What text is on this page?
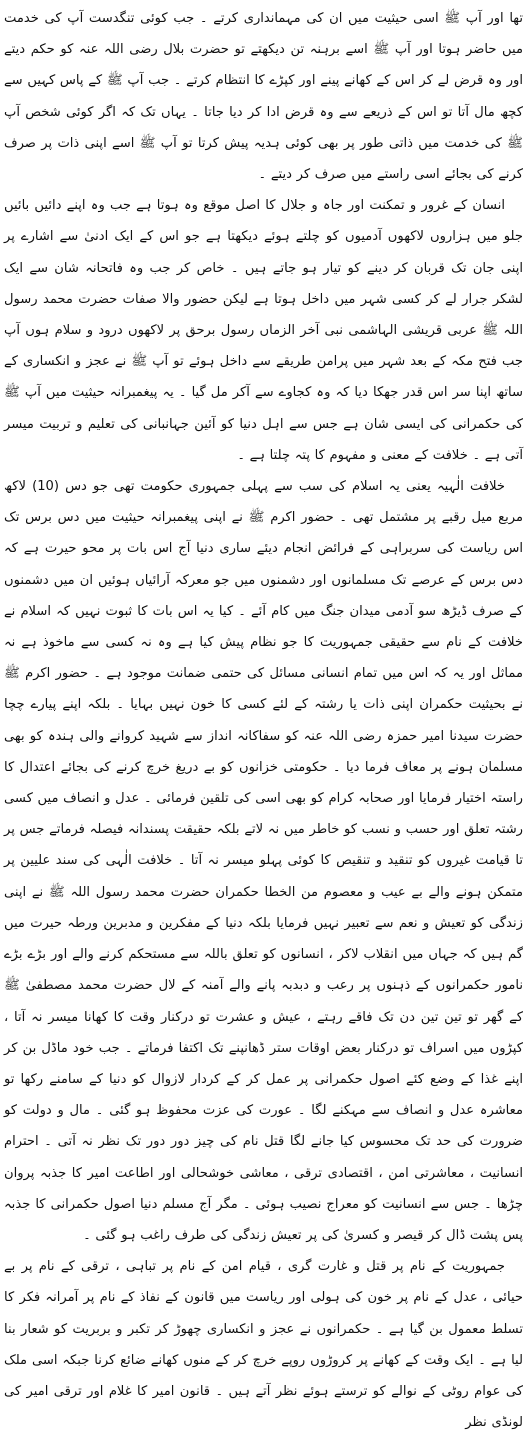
تھا اور آپ ﷺ اسی حیثیت میں ان کی مہمانداری کرتے ۔ جب کوئی تنگدست آپ کی خدمت میں حاضر ہوتا اور آپ ﷺ اسے برہنہ تن دیکھتے تو حضرت بلال رضی اللہ عنہ کو حکم دیتے اور وہ قرض لے کر اس کے کھانے پینے اور کپڑے کا انتظام کرتے ۔ جب آپ ﷺ کے پاس کہیں سے کچھ مال آتا تو اس کے ذریعے سے وہ قرض ادا کر دیا جاتا ۔ یہاں تک کہ اگر کوئی شخص آپ ﷺ کی خدمت میں ذاتی طور پر بھی کوئی ہدیہ پیش کرتا تو آپ ﷺ اسے اپنی ذات پر صرف کرنے کی بجائے اسی راستے میں صرف کر دیتے ۔

انسان کے غرور و تمکنت اور جاہ و جلال کا اصل موقع وہ ہوتا ہے جب وہ اپنے دائیں بائیں جلو میں ہزاروں لاکھوں آدمیوں کو چلتے ہوئے دیکھتا ہے جو اس کے ایک ادنیٰ سے اشارے پر اپنی جان تک قربان کر دینے کو تیار ہو جاتے ہیں ۔ خاص کر جب وہ فاتحانہ شان سے ایک لشکر جرار لے کر کسی شہر میں داخل ہوتا ہے لیکن حضور والا صفات حضرت محمد رسول اللہ ﷺ عربی قریشی الہاشمی نبی آخر الزماں رسول برحق پر لاکھوں درود و سلام ہوں آپ جب فتح مکہ کے بعد شہر میں پرامن طریقے سے داخل ہوئے تو آپ ﷺ نے عجز و انکساری کے ساتھ اپنا سر اس قدر جھکا دیا کہ وہ کجاوے سے آکر مل گیا ۔ یہ پیغمبرانہ حیثیت میں آپ ﷺ کی حکمرانی کی ایسی شان ہے جس سے اہل دنیا کو آئین جہانبانی کی تعلیم و تربیت میسر آتی ہے ۔ خلافت کے معنی و مفہوم کا پتہ چلتا ہے ۔

خلافت الٰہیہ یعنی یہ اسلام کی سب سے پہلی جمہوری حکومت تھی جو دس (10) لاکھ مربع میل رقبے پر مشتمل تھی ۔ حضور اکرم ﷺ نے اپنی پیغمبرانہ حیثیت میں دس برس تک اس ریاست کی سربراہی کے فرائض انجام دیئے ساری دنیا آج اس بات پر محو حیرت ہے کہ دس برس کے عرصے تک مسلمانوں اور دشمنوں میں جو معرکہ آرائیاں ہوئیں ان میں دشمنوں کے صرف ڈیڑھ سو آدمی میدان جنگ میں کام آئے ۔ کیا یہ اس بات کا ثبوت نہیں کہ اسلام نے خلافت کے نام سے حقیقی جمہوریت کا جو نظام پیش کیا ہے وہ نہ کسی سے ماخوذ ہے نہ مماثل اور یہ کہ اس میں تمام انسانی مسائل کی حتمی ضمانت موجود ہے ۔ حضور اکرم ﷺ نے بحیثیت حکمران اپنی ذات یا رشتہ کے لئے کسی کا خون نہیں بہایا ۔ بلکہ اپنے پیارے چچا حضرت سیدنا امیر حمزہ رضی اللہ عنہ کو سفاکانہ انداز سے شہید کروانے والی ہندہ کو بھی مسلمان ہونے پر معاف فرما دیا ۔ حکومتی خزانوں کو بے دریغ خرچ کرنے کی بجائے اعتدال کا راستہ اختیار فرمایا اور صحابہ کرام کو بھی اسی کی تلقین فرمائی ۔ عدل و انصاف میں کسی رشتہ تعلق اور حسب و نسب کو خاطر میں نہ لاتے بلکہ حقیقت پسندانہ فیصلہ فرماتے جس پر تا قیامت غیروں کو تنقید و تنقیص کا کوئی پہلو میسر نہ آتا ۔ خلافت الٰہی کی سند علیین پر متمکن ہونے والے بے عیب و معصوم من الخطا حکمران حضرت محمد رسول اللہ ﷺ نے اپنی زندگی کو تعیش و نعم سے تعبیر نہیں فرمایا بلکہ دنیا کے مفکرین و مدبرین ورطہ حیرت میں گم ہیں کہ جہاں میں انقلاب لاکر ، انسانوں کو تعلق باللہ سے مستحکم کرنے والے اور بڑے بڑے نامور حکمرانوں کے ذہنوں پر رعب و دبدبہ پانے والے آمنہ کے لال حضرت محمد مصطفیٰ ﷺ کے گھر تو تین تین دن تک فاقے رہتے ، عیش و عشرت تو درکنار وقت کا کھانا میسر نہ آتا ، کپڑوں میں اسراف تو درکنار بعض اوقات ستر ڈھانپنے تک اکتفا فرماتے ۔ جب خود ماڈل بن کر اپنے غذا کے وضع کئے اصول حکمرانی پر عمل کر کے کردار لازوال کو دنیا کے سامنے رکھا تو معاشرہ عدل و انصاف سے مہکنے لگا ۔ عورت کی عزت محفوظ ہو گئی ۔ مال و دولت کو ضرورت کی حد تک محسوس کیا جانے لگا قتل نام کی چیز دور دور تک نظر نہ آتی ۔ احترام انسانیت ، معاشرتی امن ، اقتصادی ترقی ، معاشی خوشحالی اور اطاعت امیر کا جذبہ پروان چڑھا ۔ جس سے انسانیت کو معراج نصیب ہوئی ۔ مگر آج مسلم دنیا اصول حکمرانی کا جذبہ پس پشت ڈال کر قیصر و کسریٰ کی پر تعیش زندگی کی طرف راغب ہو گئی ۔

جمہوریت کے نام پر قتل و غارت گری ، قیام امن کے نام پر تباہی ، ترقی کے نام پر بے حیائی ، عدل کے نام پر خون کی ہولی اور ریاست میں قانون کے نفاذ کے نام پر آمرانہ فکر کا تسلط معمول بن گیا ہے ۔ حکمرانوں نے عجز و انکساری چھوڑ کر تکبر و بربریت کو شعار بنا لیا ہے ۔ ایک وقت کے کھانے پر کروڑوں روپے خرچ کر کے منوں کھانے ضائع کرنا جبکہ اسی ملک کی عوام روٹی کے نوالے کو ترستے ہوئے نظر آتے ہیں ۔ قانون امیر کا غلام اور ترقی امیر کی لونڈی نظر
